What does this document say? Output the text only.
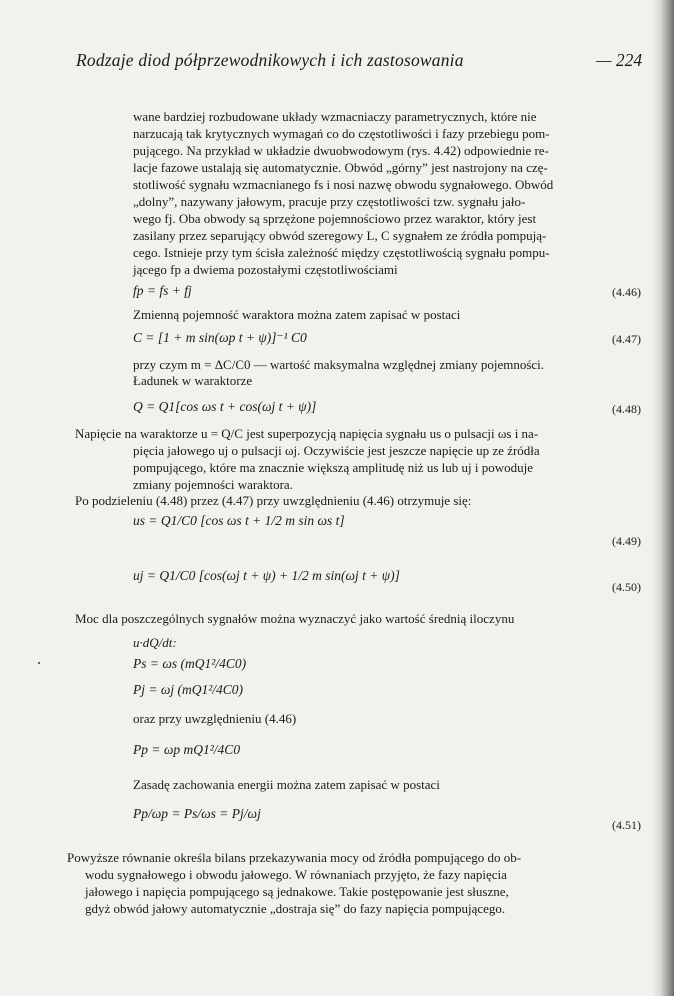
Rodzaje diod półprzewodnikowych i ich zastosowania	— 224
wane bardziej rozbudowane układy wzmacniaczy parametrycznych, które nie
narzucają tak krytycznych wymagań co do częstotliwości i fazy przebiegu pom-
pującego. Na przykład w układzie dwuobwodowym (rys. 4.42) odpowiednie re-
lacje fazowe ustalają się automatycznie. Obwód „górny” jest nastrojony na czę-
stotliwość sygnału wzmacnianego fs i nosi nazwę obwodu sygnałowego. Obwód
„dolny”, nazywany jałowym, pracuje przy częstotliwości tzw. sygnału jało-
wego fj. Oba obwody są sprzężone pojemnościowo przez waraktor, który jest
zasilany przez separujący obwód szeregowy L, C sygnałem ze źródła pompują-
cego. Istnieje przy tym ścisła zależność między częstotliwością sygnału pompu-
jącego fp a dwiema pozostałymi częstotliwościami
fp = fs + fj	(4.46)
Zmienną pojemność waraktora można zatem zapisać w postaci
C = [1 + m sin(ωp t + ψ)]⁻¹ C0	(4.47)
przy czym m = ΔC/C0 — wartość maksymalna względnej zmiany pojemności.
Ładunek w waraktorze
Q = Q1[cos ωs t + cos(ωj t + ψ)]	(4.48)
Napięcie na waraktorze u = Q/C jest superpozycją napięcia sygnału us o pulsacji ωs i na-
pięcia jałowego uj o pulsacji ωj. Oczywiście jest jeszcze napięcie up ze źródła
pompującego, które ma znacznie większą amplitudę niż us lub uj i powoduje
zmiany pojemności waraktora.
Po podzieleniu (4.48) przez (4.47) przy uwzględnieniu (4.46) otrzymuje się:
us = Q1/C0 [cos ωs t + 1/2 m sin ωs t]
(4.49)
uj = Q1/C0 [cos(ωj t + ψ) + 1/2 m sin(ωj t + ψ)]
(4.50)
Moc dla poszczególnych sygnałów można wyznaczyć jako wartość średnią iloczynu
u·dQ/dt:
Ps = ωs (mQ1²/4C0)
Pj = ωj (mQ1²/4C0)
oraz przy uwzględnieniu (4.46)
Pp = ωp mQ1²/4C0
Zasadę zachowania energii można zatem zapisać w postaci
Pp/ωp = Ps/ωs = Pj/ωj
(4.51)
Powyższe równanie określa bilans przekazywania mocy od źródła pompującego do ob-
wodu sygnałowego i obwodu jałowego. W równaniach przyjęto, że fazy napięcia
jałowego i napięcia pompującego są jednakowe. Takie postępowanie jest słuszne,
gdyż obwód jałowy automatycznie „dostraja się” do fazy napięcia pompującego.
